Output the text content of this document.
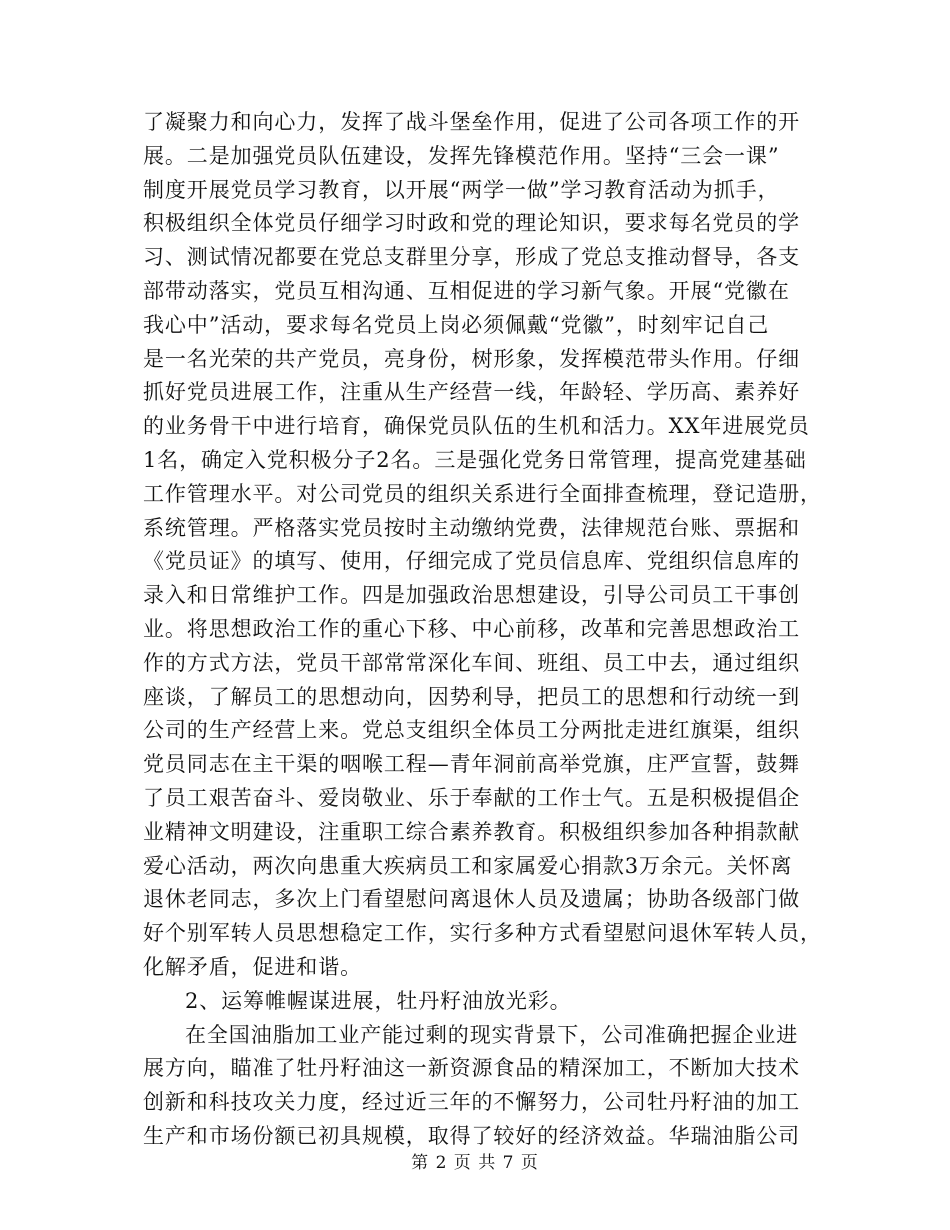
了凝聚力和向心力，发挥了战斗堡垒作用，促进了公司各项工作的开
展。二是加强党员队伍建设，发挥先锋模范作用。坚持“三会一课”
制度开展党员学习教育，以开展“两学一做”学习教育活动为抓手，
积极组织全体党员仔细学习时政和党的理论知识，要求每名党员的学
习、测试情况都要在党总支群里分享，形成了党总支推动督导，各支
部带动落实，党员互相沟通、互相促进的学习新气象。开展“党徽在
我心中”活动，要求每名党员上岗必须佩戴“党徽”，时刻牢记自己
是一名光荣的共产党员，亮身份，树形象，发挥模范带头作用。仔细
抓好党员进展工作，注重从生产经营一线，年龄轻、学历高、素养好
的业务骨干中进行培育，确保党员队伍的生机和活力。XX年进展党员
1名，确定入党积极分子2名。三是强化党务日常管理，提高党建基础
工作管理水平。对公司党员的组织关系进行全面排查梳理，登记造册，
系统管理。严格落实党员按时主动缴纳党费，法律规范台账、票据和
《党员证》的填写、使用，仔细完成了党员信息库、党组织信息库的
录入和日常维护工作。四是加强政治思想建设，引导公司员工干事创
业。将思想政治工作的重心下移、中心前移，改革和完善思想政治工
作的方式方法，党员干部常常深化车间、班组、员工中去，通过组织
座谈，了解员工的思想动向，因势利导，把员工的思想和行动统一到
公司的生产经营上来。党总支组织全体员工分两批走进红旗渠，组织
党员同志在主干渠的咽喉工程—青年洞前高举党旗，庄严宣誓，鼓舞
了员工艰苦奋斗、爱岗敬业、乐于奉献的工作士气。五是积极提倡企
业精神文明建设，注重职工综合素养教育。积极组织参加各种捐款献
爱心活动，两次向患重大疾病员工和家属爱心捐款3万余元。关怀离
退休老同志，多次上门看望慰问离退休人员及遗属；协助各级部门做
好个别军转人员思想稳定工作，实行多种方式看望慰问退休军转人员，
化解矛盾，促进和谐。
2、运筹帷幄谋进展，牡丹籽油放光彩。
在全国油脂加工业产能过剩的现实背景下，公司准确把握企业进
展方向，瞄准了牡丹籽油这一新资源食品的精深加工，不断加大技术
创新和科技攻关力度，经过近三年的不懈努力，公司牡丹籽油的加工
生产和市场份额已初具规模，取得了较好的经济效益。华瑞油脂公司
第 2 页 共 7 页
